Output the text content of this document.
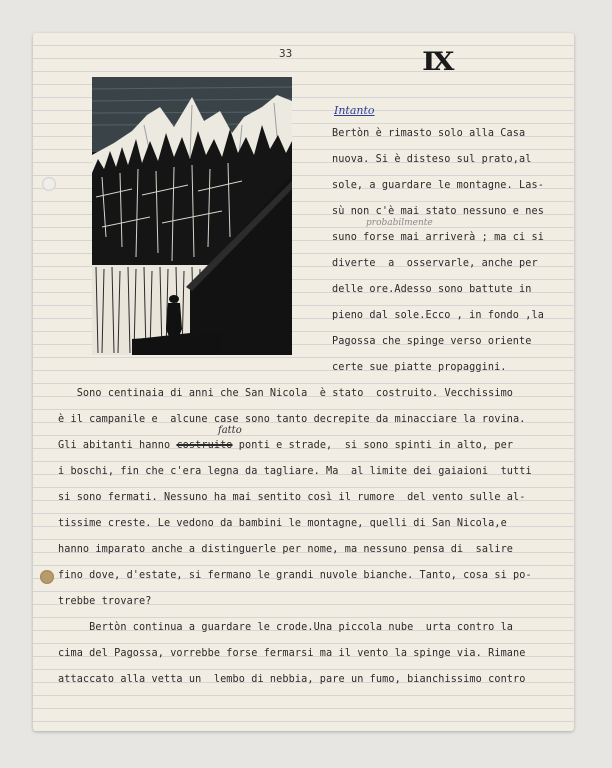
33	IX
Intanto
probabilmente
fatto
Bertòn è rimasto solo alla Casa
nuova. Si è disteso sul prato,al
sole, a guardare le montagne. Las-
sù non c'è mai stato nessuno e nes
suno forse mai arriverà ; ma ci si
diverte  a  osservarle, anche per
delle ore.Adesso sono battute in
pieno dal sole.Ecco , in fondo ,la
Pagossa che spinge verso oriente
certe sue piatte propaggini.
Sono centinaia di anni che San Nicola  è stato  costruito. Vecchissimo
è il campanile e  alcune case sono tanto decrepite da minacciare la rovina.
Gli abitanti hanno costruito ponti e strade,  si sono spinti in alto, per
i boschi, fin che c'era legna da tagliare. Ma  al limite dei gaiaioni  tutti
si sono fermati. Nessuno ha mai sentito così il rumore  del vento sulle al-
tissime creste. Le vedono da bambini le montagne, quelli di San Nicola,e
hanno imparato anche a distinguerle per nome, ma nessuno pensa di  salire
fino dove, d'estate, si fermano le grandi nuvole bianche. Tanto, cosa si po-
trebbe trovare?
Bertòn continua a guardare le crode.Una piccola nube  urta contro la
cima del Pagossa, vorrebbe forse fermarsi ma il vento la spinge via. Rimane
attaccato alla vetta un  lembo di nebbia, pare un fumo, bianchissimo contro
